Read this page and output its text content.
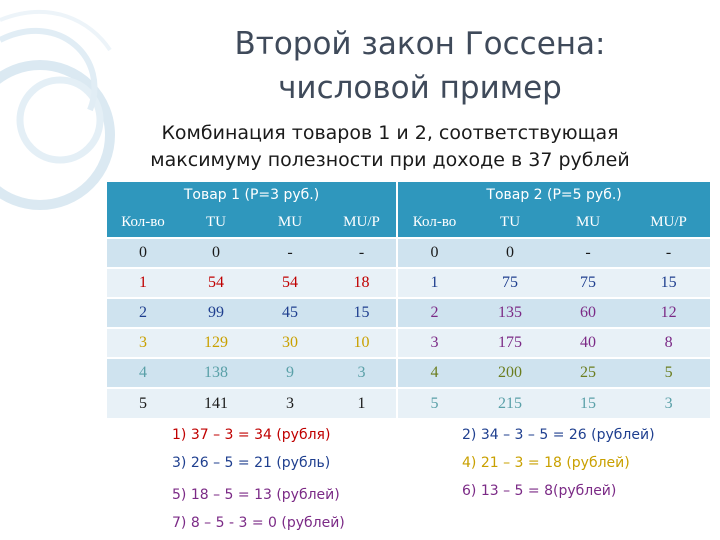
Второй закон Госсена:
числовой пример
Комбинация товаров 1 и 2, соответствующая
максимуму полезности при доходе в 37 рублей
Товар 1 (Р=3 руб.)				Товар 2 (Р=5 руб.)			
Кол-во	TU	MU	MU/P	Кол-во	TU	MU	MU/P
0	0	-	-	0	0	-	-
1	54	54	18	1	75	75	15
2	99	45	15	2	135	60	12
3	129	30	10	3	175	40	8
4	138	9	3	4	200	25	5
5	141	3	1	5	215	15	3
1) 37 – 3 = 34 (рубля)	2) 34 – 3 – 5 = 26 (рублей)
3) 26 – 5 = 21 (рубль)	4) 21 – 3 = 18 (рублей)
5) 18 – 5 = 13 (рублей)	6) 13 – 5 = 8(рублей)
7) 8 – 5 - 3 = 0 (рублей)
